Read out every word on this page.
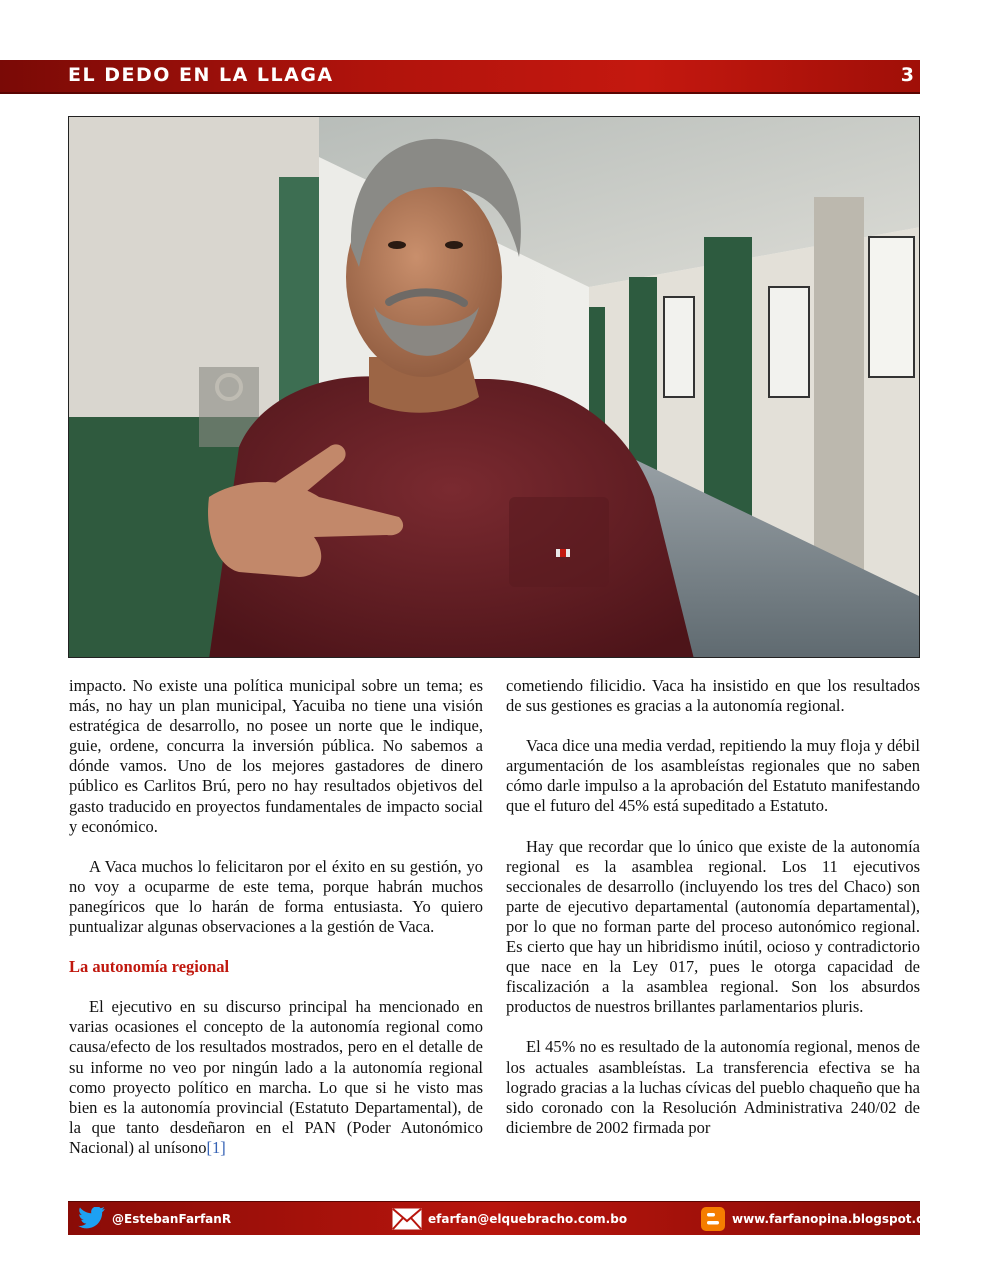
EL DEDO EN LA LLAGA	3

impacto. No existe una política municipal sobre un tema; es más, no hay un plan municipal, Yacuiba no tiene una visión estratégica de desarrollo, no posee un norte que le indique, guie, ordene, concurra la inversión pública. No sabemos a dónde vamos. Uno de los mejores gastadores de dinero público es Carlitos Brú, pero no hay resultados objetivos del gasto traducido en proyectos fundamentales de impacto social y económico.

A Vaca muchos lo felicitaron por el éxito en su gestión, yo no voy a ocuparme de este tema, porque habrán muchos panegíricos que lo harán de forma entusiasta. Yo quiero puntualizar algunas observaciones a la gestión de Vaca.

La autonomía regional

El ejecutivo en su discurso principal ha mencionado en varias ocasiones el concepto de la autonomía regional como causa/efecto de los resultados mostrados, pero en el detalle de su informe no veo por ningún lado a la autonomía regional como proyecto político en marcha. Lo que si he visto mas bien es la autonomía provincial (Estatuto Departamental), de la que tanto desdeñaron en el PAN (Poder Autonómico Nacional) al unísono[1]

cometiendo filicidio. Vaca ha insistido en que los resultados de sus gestiones es gracias a la autonomía regional.

Vaca dice una media verdad, repitiendo la muy floja y débil argumentación de los asambleístas regionales que no saben cómo darle impulso a la aprobación del Estatuto manifestando que el futuro del 45% está supeditado a Estatuto.

Hay que recordar que lo único que existe de la autonomía regional es la asamblea regional. Los 11 ejecutivos seccionales de desarrollo (incluyendo los tres del Chaco) son parte de ejecutivo departamental (autonomía departamental), por lo que no forman parte del proceso autonómico regional. Es cierto que hay un hibridismo inútil, ocioso y contradictorio que nace en la Ley 017, pues le otorga capacidad de fiscalización a la asamblea regional. Son los absurdos productos de nuestros brillantes parlamentarios pluris.

El 45% no es resultado de la autonomía regional, menos de los actuales asambleístas. La transferencia efectiva se ha logrado gracias a la luchas cívicas del pueblo chaqueño que ha sido coronado con la Resolución Administrativa 240/02 de diciembre de 2002 firmada por

@EstebanFarfanR	efarfan@elquebracho.com.bo	www.farfanopina.blogspot.com
